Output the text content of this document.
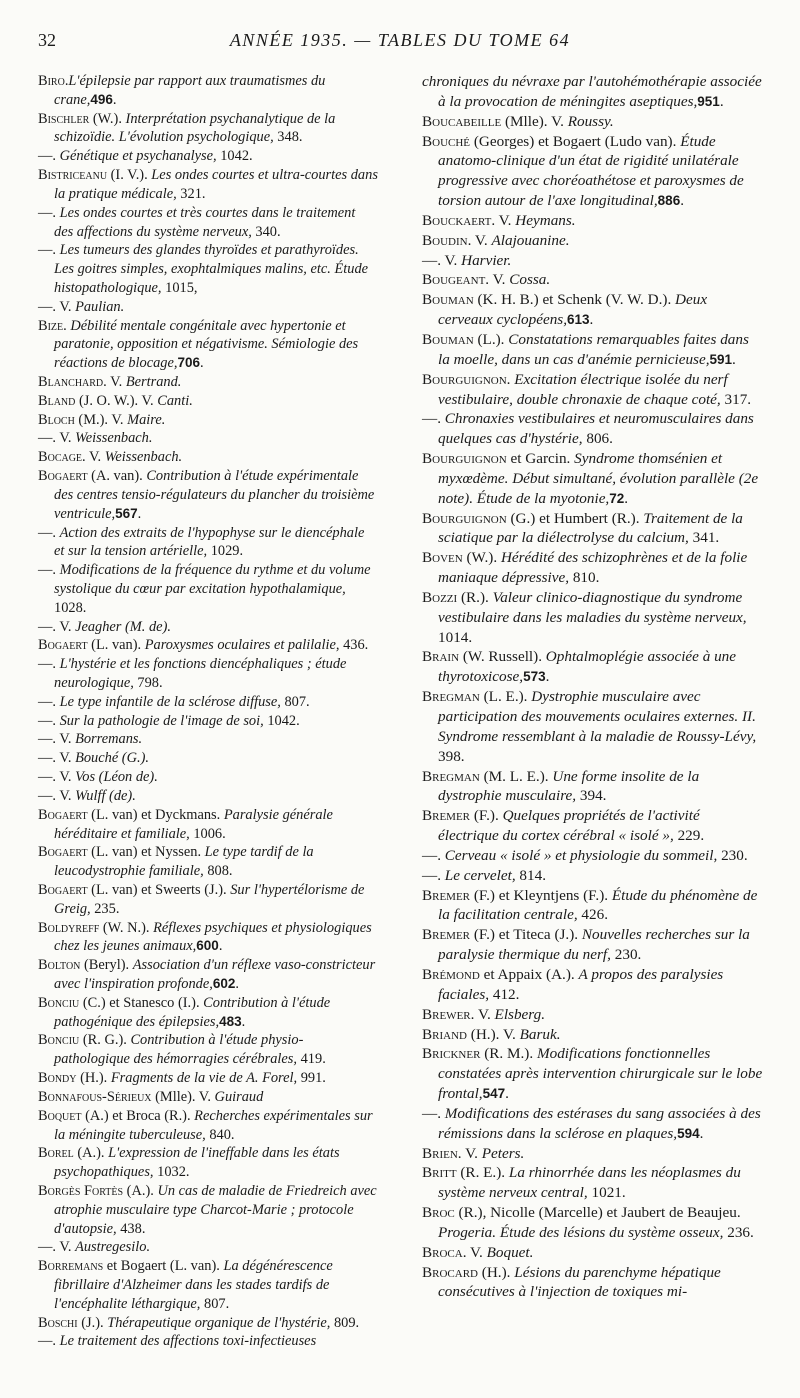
32	ANNÉE 1935. — TABLES DU TOME 64
Biro.L'épilepsie par rapport aux traumatismes du crane,496.
Bischler (W.). Interprétation psychanalytique de la schizoïdie. L'évolution psychologique, 348.
—. Génétique et psychanalyse, 1042.
Bistriceanu (I. V.). Les ondes courtes et ultra-courtes dans la pratique médicale, 321.
—. Les ondes courtes et très courtes dans le traitement des affections du système nerveux, 340.
—. Les tumeurs des glandes thyroïdes et parathyroïdes. Les goitres simples, exophtalmiques malins, etc. Étude histopathologique, 1015,
—. V. Paulian.
Bize. Débilité mentale congénitale avec hypertonie et paratonie, opposition et négativisme. Sémiologie des réactions de blocage,706.
Blanchard. V. Bertrand.
Bland (J. O. W.). V. Canti.
Bloch (M.). V. Maire.
—. V. Weissenbach.
Bocage. V. Weissenbach.
Bogaert (A. van). Contribution à l'étude expérimentale des centres tensio-régulateurs du plancher du troisième ventricule,567.
—. Action des extraits de l'hypophyse sur le diencéphale et sur la tension artérielle, 1029.
—. Modifications de la fréquence du rythme et du volume systolique du cœur par excitation hypothalamique, 1028.
—. V. Jeagher (M. de).
Bogaert (L. van). Paroxysmes oculaires et palilalie, 436.
—. L'hystérie et les fonctions diencéphaliques ; étude neurologique, 798.
—. Le type infantile de la sclérose diffuse, 807.
—. Sur la pathologie de l'image de soi, 1042.
—. V. Borremans.
—. V. Bouché (G.).
—. V. Vos (Léon de).
—. V. Wulff (de).
Bogaert (L. van) et Dyckmans. Paralysie générale héréditaire et familiale, 1006.
Bogaert (L. van) et Nyssen. Le type tardif de la leucodystrophie familiale, 808.
Bogaert (L. van) et Sweerts (J.). Sur l'hypertélorisme de Greig, 235.
Boldyreff (W. N.). Réflexes psychiques et physiologiques chez les jeunes animaux,600.
Bolton (Beryl). Association d'un réflexe vaso-constricteur avec l'inspiration profonde,602.
Bonciu (C.) et Stanesco (I.). Contribution à l'étude pathogénique des épilepsies,483.
Bonciu (R. G.). Contribution à l'étude physio-pathologique des hémorragies cérébrales, 419.
Bondy (H.). Fragments de la vie de A. Forel, 991.
Bonnafous-Sérieux (Mlle). V. Guiraud
Boquet (A.) et Broca (R.). Recherches expérimentales sur la méningite tuberculeuse, 840.
Borel (A.). L'expression de l'ineffable dans les états psychopathiques, 1032.
Borgès Fortès (A.). Un cas de maladie de Friedreich avec atrophie musculaire type Charcot-Marie ; protocole d'autopsie, 438.
—. V. Austregesilo.
Borremans et Bogaert (L. van). La dégénérescence fibrillaire d'Alzheimer dans les stades tardifs de l'encéphalite léthargique, 807.
Boschi (J.). Thérapeutique organique de l'hystérie, 809.
—. Le traitement des affections toxi-infectieuses
chroniques du névraxe par l'autohémothérapie associée à la provocation de méningites aseptiques,951.
Boucabeille (Mlle). V. Roussy.
Bouché (Georges) et Bogaert (Ludo van). Étude anatomo-clinique d'un état de rigidité unilatérale progressive avec choréoathétose et paroxysmes de torsion autour de l'axe longitudinal,886.
Bouckaert. V. Heymans.
Boudin. V. Alajouanine.
—. V. Harvier.
Bougeant. V. Cossa.
Bouman (K. H. B.) et Schenk (V. W. D.). Deux cerveaux cyclopéens,613.
Bouman (L.). Constatations remarquables faites dans la moelle, dans un cas d'anémie pernicieuse,591.
Bourguignon. Excitation électrique isolée du nerf vestibulaire, double chronaxie de chaque coté, 317.
—. Chronaxies vestibulaires et neuromusculaires dans quelques cas d'hystérie, 806.
Bourguignon et Garcin. Syndrome thomsénien et myxœdème. Début simultané, évolution parallèle (2e note). Étude de la myotonie,72.
Bourguignon (G.) et Humbert (R.). Traitement de la sciatique par la diélectrolyse du calcium, 341.
Boven (W.). Hérédité des schizophrènes et de la folie maniaque dépressive, 810.
Bozzi (R.). Valeur clinico-diagnostique du syndrome vestibulaire dans les maladies du système nerveux, 1014.
Brain (W. Russell). Ophtalmoplégie associée à une thyrotoxicose,573.
Bregman (L. E.). Dystrophie musculaire avec participation des mouvements oculaires externes. II. Syndrome ressemblant à la maladie de Roussy-Lévy, 398.
Bregman (M. L. E.). Une forme insolite de la dystrophie musculaire, 394.
Bremer (F.). Quelques propriétés de l'activité électrique du cortex cérébral « isolé », 229.
—. Cerveau « isolé » et physiologie du sommeil, 230.
—. Le cervelet, 814.
Bremer (F.) et Kleyntjens (F.). Étude du phénomène de la facilitation centrale, 426.
Bremer (F.) et Titeca (J.). Nouvelles recherches sur la paralysie thermique du nerf, 230.
Brémond et Appaix (A.). A propos des paralysies faciales, 412.
Brewer. V. Elsberg.
Briand (H.). V. Baruk.
Brickner (R. M.). Modifications fonctionnelles constatées après intervention chirurgicale sur le lobe frontal,547.
—. Modifications des estérases du sang associées à des rémissions dans la sclérose en plaques,594.
Brien. V. Peters.
Britt (R. E.). La rhinorrhée dans les néoplasmes du système nerveux central, 1021.
Broc (R.), Nicolle (Marcelle) et Jaubert de Beaujeu. Progeria. Étude des lésions du système osseux, 236.
Broca. V. Boquet.
Brocard (H.). Lésions du parenchyme hépatique consécutives à l'injection de toxiques mi-
